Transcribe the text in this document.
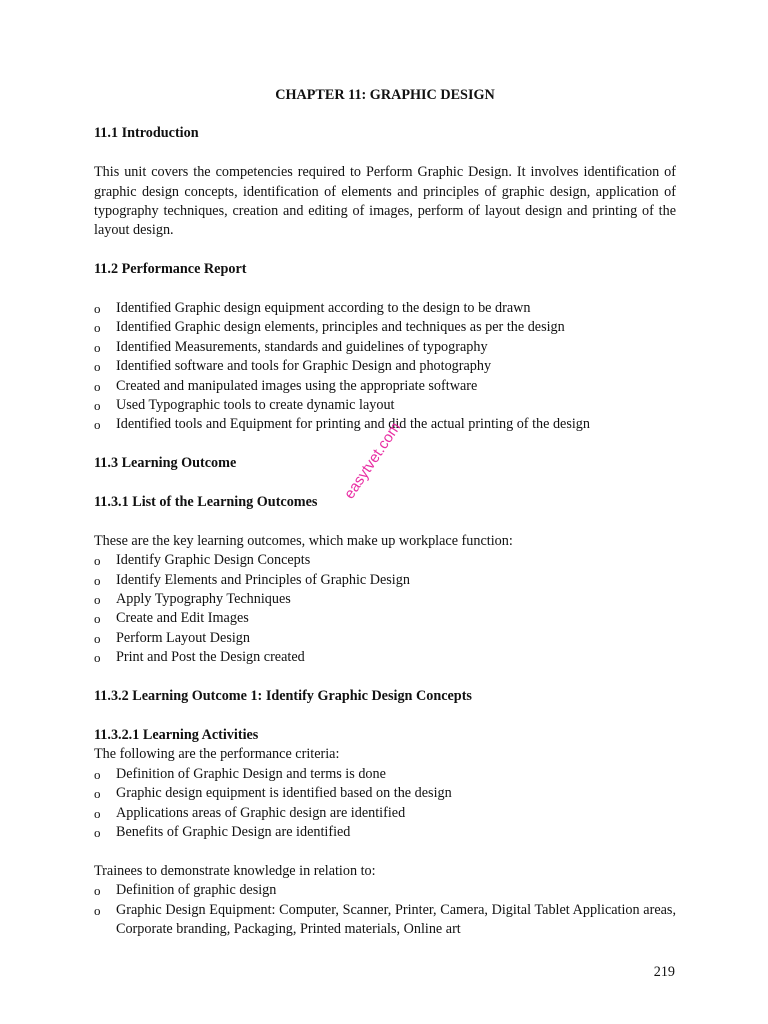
CHAPTER 11: GRAPHIC DESIGN
11.1 Introduction

This unit covers the competencies required to Perform Graphic Design. It involves identification of graphic design concepts, identification of elements and principles of graphic design, application of typography techniques, creation and editing of images, perform of layout design and printing of the layout design.

11.2 Performance Report
o Identified Graphic design equipment according to the design to be drawn
o Identified Graphic design elements, principles and techniques as per the design
o Identified Measurements, standards and guidelines of typography
o Identified software and tools for Graphic Design and photography
o Created and manipulated images using the appropriate software
o Used Typographic tools to create dynamic layout
o Identified tools and Equipment for printing and did the actual printing of the design
11.3 Learning Outcome
11.3.1 List of the Learning Outcomes

These are the key learning outcomes, which make up workplace function:

o Identify Graphic Design Concepts
o Identify Elements and Principles of Graphic Design
o Apply Typography Techniques
o Create and Edit Images
o Perform Layout Design
o Print and Post the Design created
11.3.2 Learning Outcome 1: Identify Graphic Design Concepts
11.3.2.1 Learning Activities

The following are the performance criteria:

o Definition of Graphic Design and terms is done
o Graphic design equipment is identified based on the design
o Applications areas of Graphic design are identified
o Benefits of Graphic Design are identified

Trainees to demonstrate knowledge in relation to:

o Definition of graphic design
o Graphic Design Equipment: Computer, Scanner, Printer, Camera, Digital Tablet Application areas, Corporate branding, Packaging, Printed materials, Online art
easytvet.com
219
